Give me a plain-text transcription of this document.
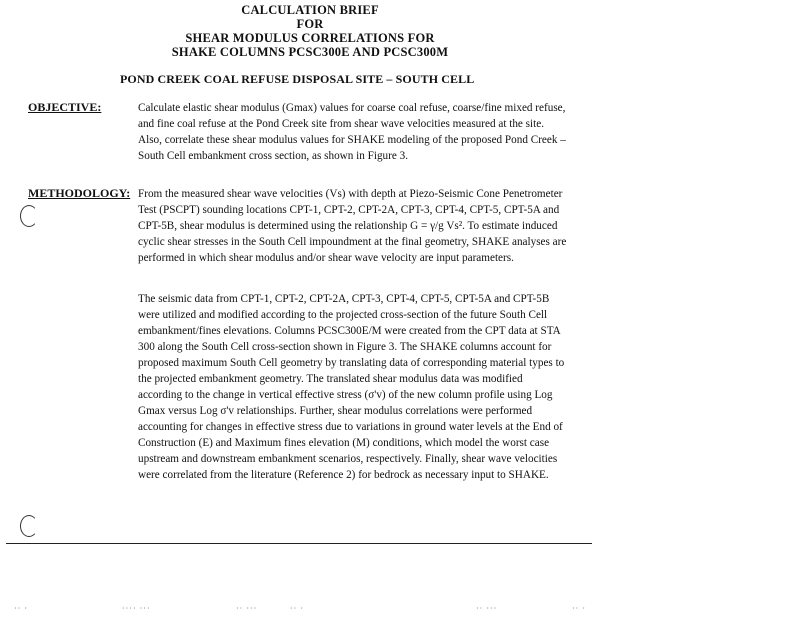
CALCULATION BRIEF
FOR
SHEAR MODULUS CORRELATIONS FOR
SHAKE COLUMNS PCSC300E AND PCSC300M
POND CREEK COAL REFUSE DISPOSAL SITE – SOUTH CELL
OBJECTIVE:	Calculate elastic shear modulus (Gmax) values for coarse coal refuse, coarse/fine mixed refuse, and fine coal refuse at the Pond Creek site from shear wave velocities measured at the site. Also, correlate these shear modulus values for SHAKE modeling of the proposed Pond Creek – South Cell embankment cross section, as shown in Figure 3.

METHODOLOGY: From the measured shear wave velocities (Vs) with depth at Piezo-Seismic Cone Penetrometer Test (PSCPT) sounding locations CPT-1, CPT-2, CPT-2A, CPT-3, CPT-4, CPT-5, CPT-5A and CPT-5B, shear modulus is determined using the relationship G = γ/g Vs². To estimate induced cyclic shear stresses in the South Cell impoundment at the final geometry, SHAKE analyses are performed in which shear modulus and/or shear wave velocity are input parameters.

The seismic data from CPT-1, CPT-2, CPT-2A, CPT-3, CPT-4, CPT-5, CPT-5A and CPT-5B were utilized and modified according to the projected cross-section of the future South Cell embankment/fines elevations. Columns PCSC300E/M were created from the CPT data at STA 300 along the South Cell cross-section shown in Figure 3. The SHAKE columns account for proposed maximum South Cell geometry by translating data of corresponding material types to the projected embankment geometry. The translated shear modulus data was modified according to the change in vertical effective stress (σ'v) of the new column profile using Log Gmax versus Log σ'v relationships. Further, shear modulus correlations were performed accounting for changes in effective stress due to variations in ground water levels at the End of Construction (E) and Maximum fines elevation (M) conditions, which model the worst case upstream and downstream embankment scenarios, respectively. Finally, shear wave velocities were correlated from the literature (Reference 2) for bedrock as necessary input to SHAKE.

·· ·	···· ···	·· ···	·· ·	·· ···	·· ·
